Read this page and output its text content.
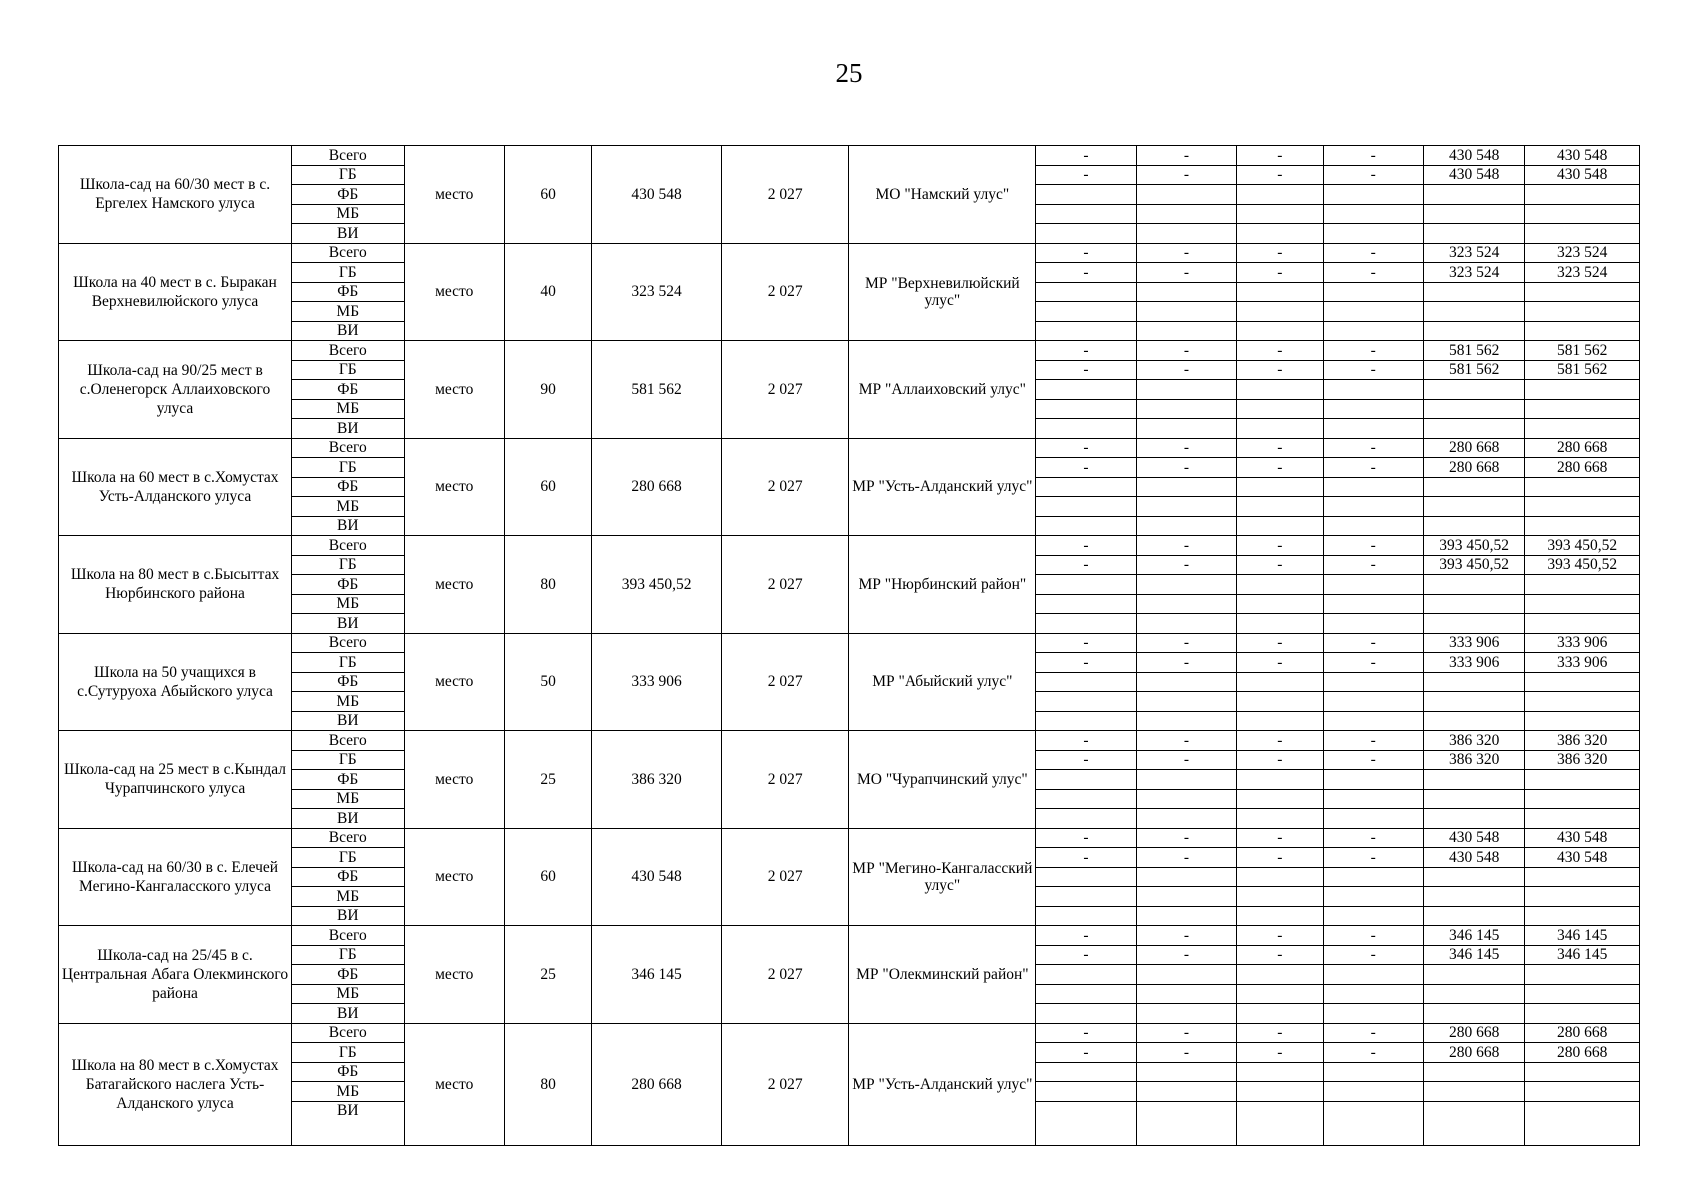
25
Школа-сад на 60/30 мест в с. Ергелех Намского улуса	Всего	место	60	430 548	2 027	МО "Намский улус"	-	-	-	-	430 548	430 548
	ГБ						-	-	-	-	430 548	430 548
	ФБ											
	МБ											
	ВИ											
Школа на 40 мест в с. Быракан Верхневилюйского улуса	Всего	место	40	323 524	2 027	МР "Верхневилюйский улус"	-	-	-	-	323 524	323 524
	ГБ						-	-	-	-	323 524	323 524
	ФБ											
	МБ											
	ВИ											
Школа-сад на 90/25 мест в с.Оленегорск Аллаиховского улуса	Всего	место	90	581 562	2 027	МР "Аллаиховский улус"	-	-	-	-	581 562	581 562
	ГБ						-	-	-	-	581 562	581 562
	ФБ											
	МБ											
	ВИ											
Школа на 60 мест в с.Хомустах Усть-Алданского улуса	Всего	место	60	280 668	2 027	МР "Усть-Алданский улус"	-	-	-	-	280 668	280 668
	ГБ						-	-	-	-	280 668	280 668
	ФБ											
	МБ											
	ВИ											
Школа на 80 мест в с.Бысыттах Нюрбинского района	Всего	место	80	393 450,52	2 027	МР "Нюрбинский район"	-	-	-	-	393 450,52	393 450,52
	ГБ						-	-	-	-	393 450,52	393 450,52
	ФБ											
	МБ											
	ВИ											
Школа на 50 учащихся в с.Сутуруоха Абыйского улуса	Всего	место	50	333 906	2 027	МР "Абыйский улус"	-	-	-	-	333 906	333 906
	ГБ						-	-	-	-	333 906	333 906
	ФБ											
	МБ											
	ВИ											
Школа-сад на 25 мест в с.Кындал Чурапчинского улуса	Всего	место	25	386 320	2 027	МО "Чурапчинский улус"	-	-	-	-	386 320	386 320
	ГБ						-	-	-	-	386 320	386 320
	ФБ											
	МБ											
	ВИ											
Школа-сад на 60/30 в с. Елечей Мегино-Кангаласского улуса	Всего	место	60	430 548	2 027	МР "Мегино-Кангаласский улус"	-	-	-	-	430 548	430 548
	ГБ						-	-	-	-	430 548	430 548
	ФБ											
	МБ											
	ВИ											
Школа-сад на 25/45 в с. Центральная Абага Олекминского района	Всего	место	25	346 145	2 027	МР "Олекминский район"	-	-	-	-	346 145	346 145
	ГБ						-	-	-	-	346 145	346 145
	ФБ											
	МБ											
	ВИ											
Школа на 80 мест в с.Хомустах Батагайского наслега Усть-Алданского улуса	Всего	место	80	280 668	2 027	МР "Усть-Алданский улус"	-	-	-	-	280 668	280 668
	ГБ						-	-	-	-	280 668	280 668
	ФБ											
	МБ											
	ВИ											
